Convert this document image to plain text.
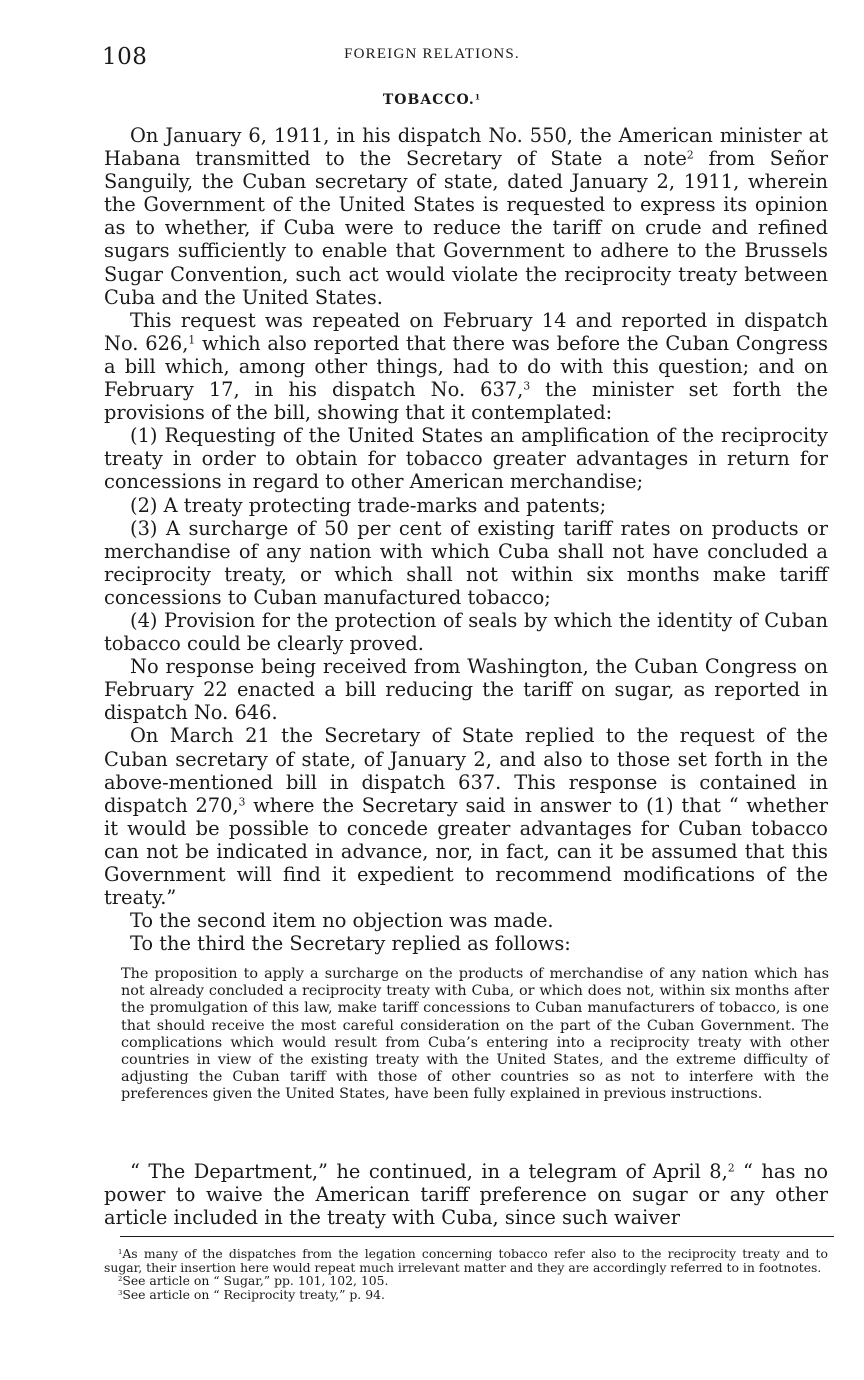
108	FOREIGN RELATIONS.
TOBACCO.$^1$

On January 6, 1911, in his dispatch No. 550, the American minister at Habana transmitted to the Secretary of State a note$^2$ from Señor Sanguily, the Cuban secretary of state, dated January 2, 1911, wherein the Government of the United States is requested to express its opinion as to whether, if Cuba were to reduce the tariff on crude and refined sugars sufficiently to enable that Government to adhere to the Brussels Sugar Convention, such act would violate the reciprocity treaty between Cuba and the United States.

This request was repeated on February 14 and reported in dispatch No. 626,$^1$ which also reported that there was before the Cuban Congress a bill which, among other things, had to do with this question; and on February 17, in his dispatch No. 637,$^3$ the minister set forth the provisions of the bill, showing that it contemplated:

(1) Requesting of the United States an amplification of the reciprocity treaty in order to obtain for tobacco greater advantages in return for concessions in regard to other American merchandise;

(2) A treaty protecting trade-marks and patents;

(3) A surcharge of 50 per cent of existing tariff rates on products or merchandise of any nation with which Cuba shall not have concluded a reciprocity treaty, or which shall not within six months make tariff concessions to Cuban manufactured tobacco;

(4) Provision for the protection of seals by which the identity of Cuban tobacco could be clearly proved.

No response being received from Washington, the Cuban Congress on February 22 enacted a bill reducing the tariff on sugar, as reported in dispatch No. 646.

On March 21 the Secretary of State replied to the request of the Cuban secretary of state, of January 2, and also to those set forth in the above-mentioned bill in dispatch 637. This response is contained in dispatch 270,$^3$ where the Secretary said in answer to (1) that “ whether it would be possible to concede greater advantages for Cuban tobacco can not be indicated in advance, nor, in fact, can it be assumed that this Government will find it expedient to recommend modifications of the treaty.”

To the second item no objection was made.

To the third the Secretary replied as follows:

The proposition to apply a surcharge on the products of merchandise of any nation which has not already concluded a reciprocity treaty with Cuba, or which does not, within six months after the promulgation of this law, make tariff concessions to Cuban manufacturers of tobacco, is one that should receive the most careful consideration on the part of the Cuban Government. The complications which would result from Cuba’s entering into a reciprocity treaty with other countries in view of the existing treaty with the United States, and the extreme difficulty of adjusting the Cuban tariff with those of other countries so as not to interfere with the preferences given the United States, have been fully explained in previous instructions.

“ The Department,” he continued, in a telegram of April 8,$^2$ “ has no power to waive the American tariff preference on sugar or any other article included in the treaty with Cuba, since such waiver

$^1$As many of the dispatches from the legation concerning tobacco refer also to the reciprocity treaty and to sugar, their insertion here would repeat much irrelevant matter and they are accordingly referred to in footnotes.

$^2$See article on “ Sugar,” pp. 101, 102, 105.

$^3$See article on “ Reciprocity treaty,” p. 94.
